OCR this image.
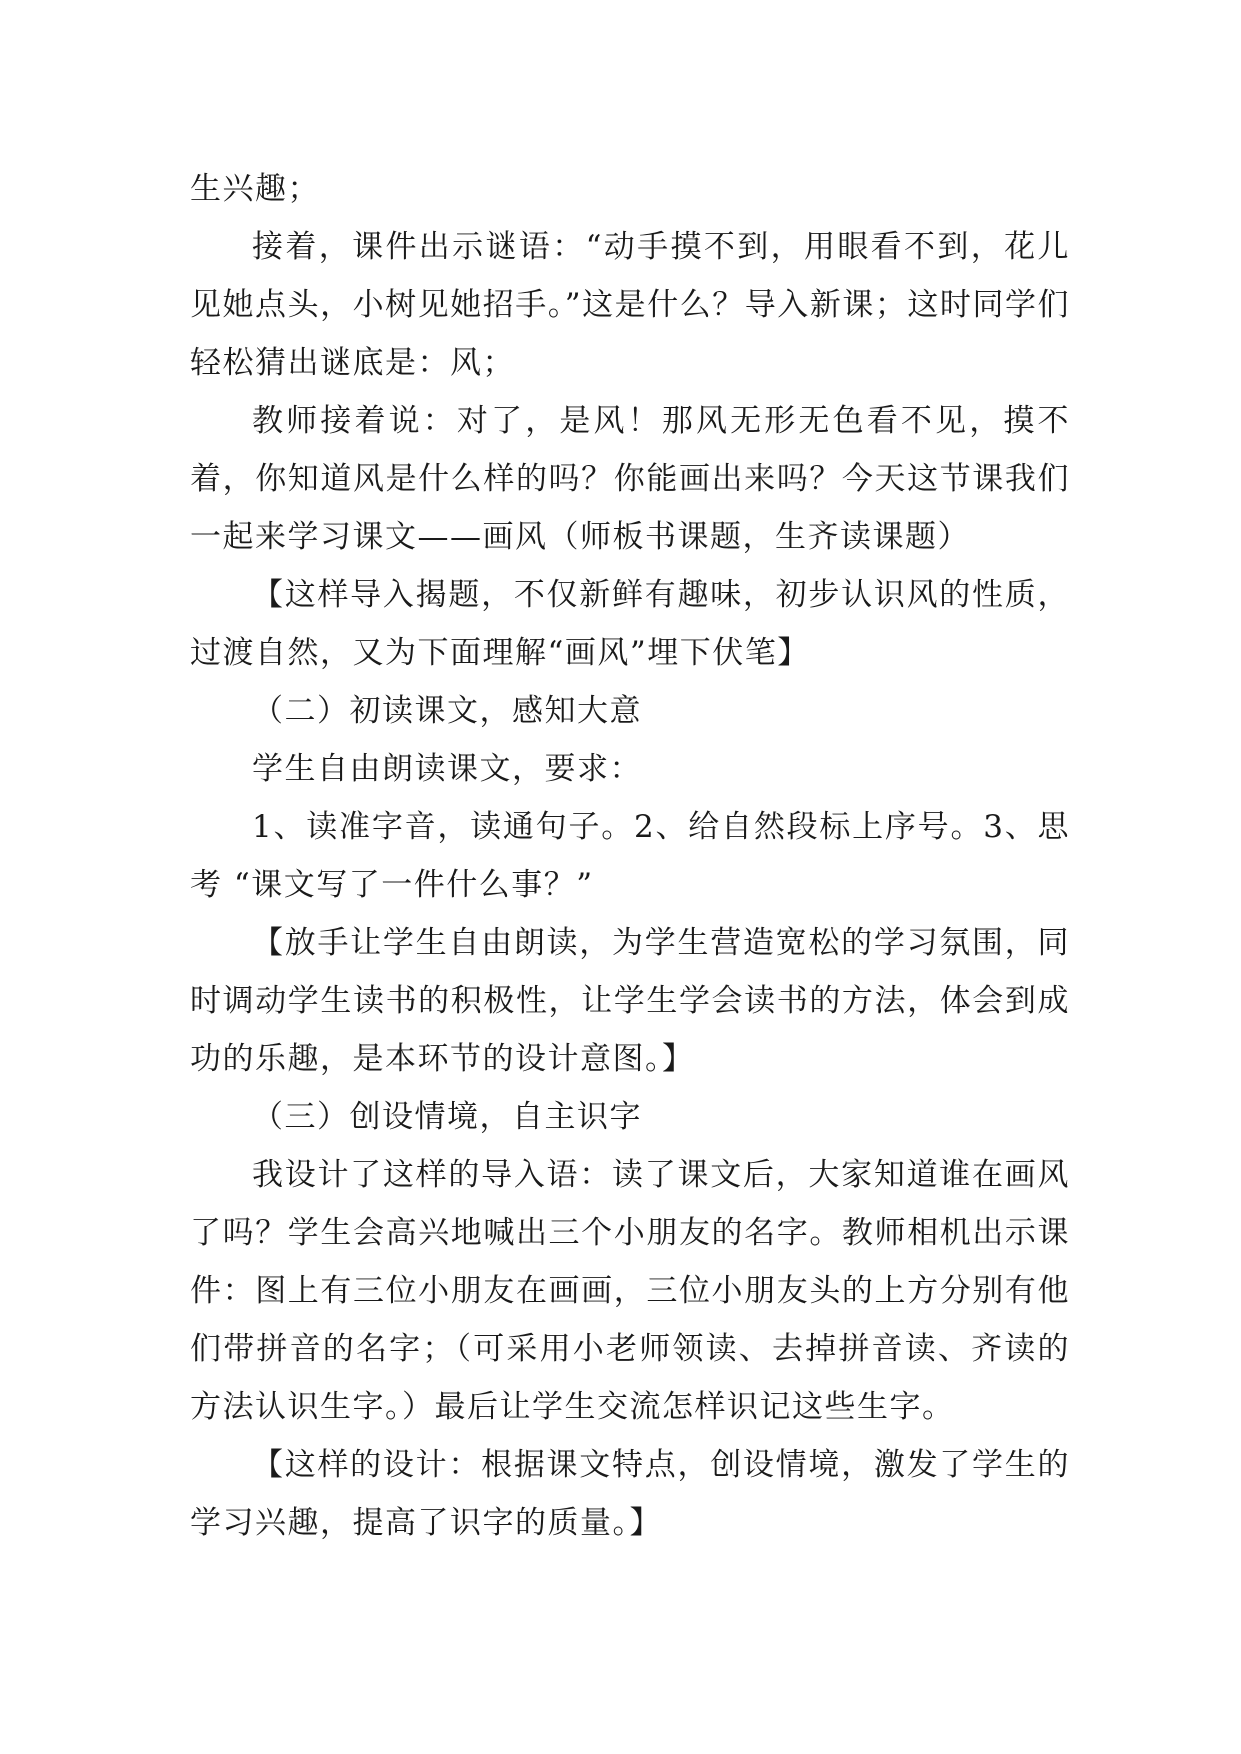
生兴趣；

接着，课件出示谜语：“动手摸不到，用眼看不到，花儿见她点头，小树见她招手。”这是什么？导入新课；这时同学们轻松猜出谜底是：风；

教师接着说：对了，是风！那风无形无色看不见，摸不着，你知道风是什么样的吗？你能画出来吗？今天这节课我们一起来学习课文——画风（师板书课题，生齐读课题）

【这样导入揭题，不仅新鲜有趣味，初步认识风的性质，过渡自然，又为下面理解“画风”埋下伏笔】

（二）初读课文，感知大意

学生自由朗读课文，要求：

1、读准字音，读通句子。2、给自然段标上序号。3、思考 “课文写了一件什么事？”

【放手让学生自由朗读，为学生营造宽松的学习氛围，同时调动学生读书的积极性，让学生学会读书的方法，体会到成功的乐趣，是本环节的设计意图。】

（三）创设情境，自主识字

我设计了这样的导入语：读了课文后，大家知道谁在画风了吗？学生会高兴地喊出三个小朋友的名字。教师相机出示课件：图上有三位小朋友在画画，三位小朋友头的上方分别有他们带拼音的名字；（可采用小老师领读、去掉拼音读、齐读的方法认识生字。）最后让学生交流怎样识记这些生字。

【这样的设计：根据课文特点，创设情境，激发了学生的学习兴趣，提高了识字的质量。】
